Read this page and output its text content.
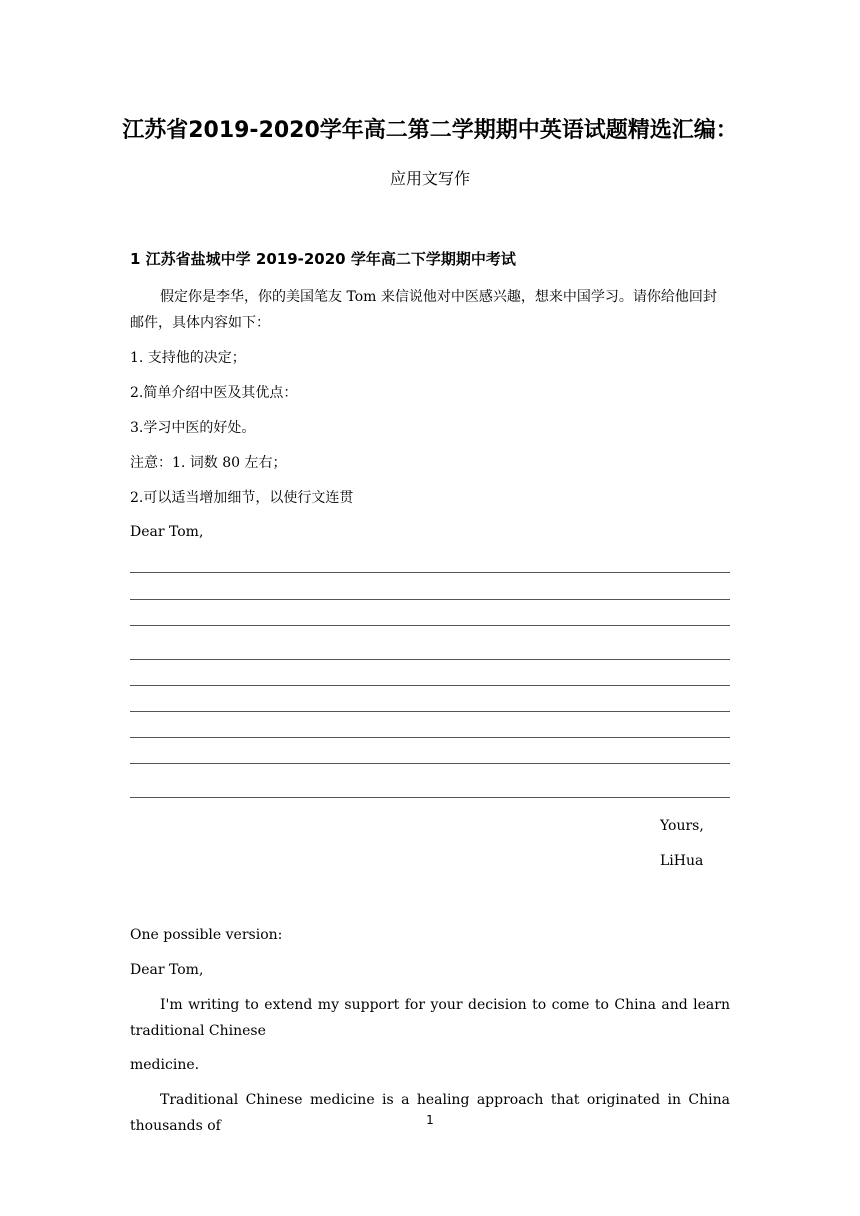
江苏省2019-2020学年高二第二学期期中英语试题精选汇编：
应用文写作
1 江苏省盐城中学 2019-2020 学年高二下学期期中考试
假定你是李华，你的美国笔友 Tom 来信说他对中医感兴趣，想来中国学习。请你给他回封邮件，具体内容如下：
1. 支持他的决定；
2.简单介绍中医及其优点：
3.学习中医的好处。
注意：1. 词数 80 左右；
2.可以适当增加细节，以使行文连贯
Dear Tom,
Yours,
LiHua
One possible version:
Dear Tom,
I'm writing to extend my support for your decision to come to China and learn traditional Chinese
medicine.
Traditional Chinese medicine is a healing approach that originated in China thousands of	1
